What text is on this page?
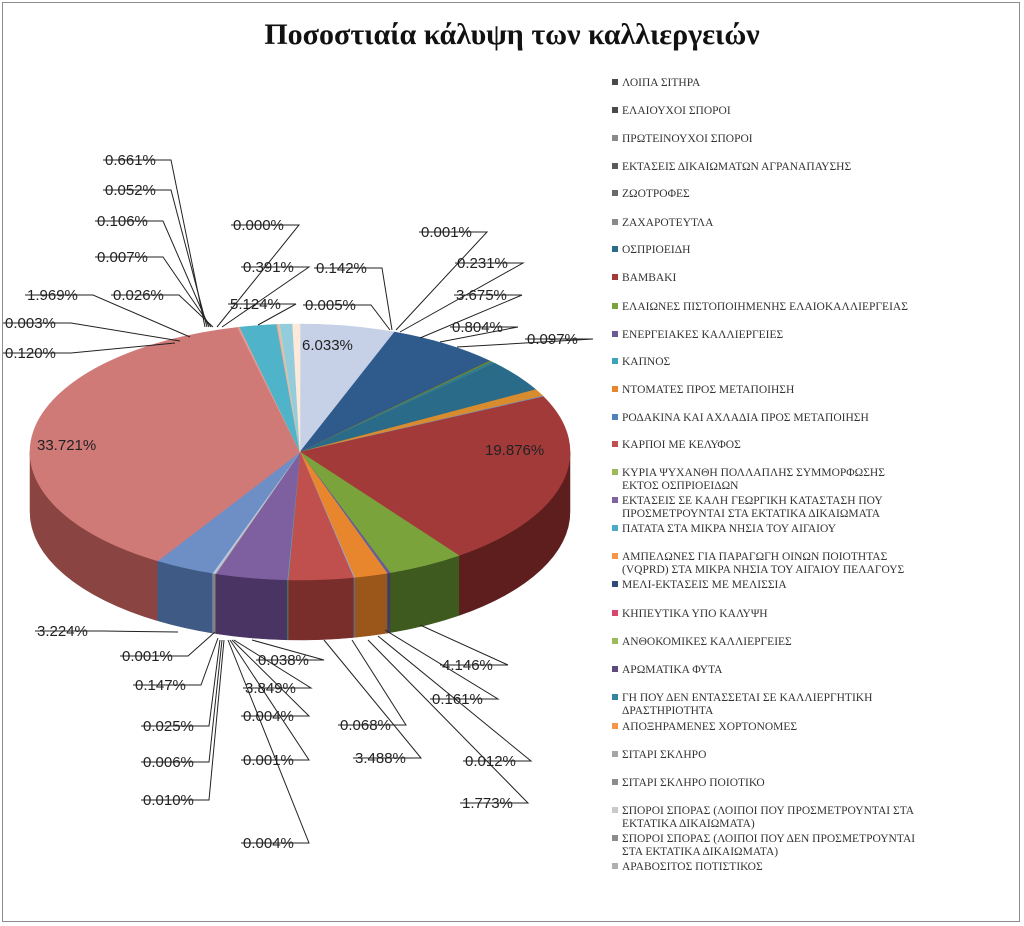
Ποσοστιαία κάλυψη των καλλιεργειών
0.661%
0.052%
0.106%
0.007%
0.026%
1.969%
0.003%
0.120%
0.000%
0.391%
5.124%
0.001%
0.142%	0.231%
0.005%
3.675%
0.804%
0.097%
6.033%
19.876%
33.721%
3.224%
0.001%
0.147%
0.025%
0.006%
0.010%
0.004%
0.038%
3.849%
0.004%
0.001%
0.068%
3.488%
4.146%
0.161%
0.012%
1.773%
ΛΟΙΠΑ ΣΙΤΗΡΑ
ΕΛΑΙΟΥΧΟΙ ΣΠΟΡΟΙ
ΠΡΩΤΕΙΝΟΥΧΟΙ ΣΠΟΡΟΙ
ΕΚΤΑΣΕΙΣ ΔΙΚΑΙΩΜΑΤΩΝ ΑΓΡΑΝΑΠΑΥΣΗΣ
ΖΩΟΤΡΟΦΕΣ
ΖΑΧΑΡΟΤΕΥΤΛΑ
ΟΣΠΡΙΟΕΙΔΗ
ΒΑΜΒΑΚΙ
ΕΛΑΙΩΝΕΣ ΠΙΣΤΟΠΟΙΗΜΕΝΗΣ ΕΛΑΙΟΚΑΛΛΙΕΡΓΕΙΑΣ
ΕΝΕΡΓΕΙΑΚΕΣ ΚΑΛΛΙΕΡΓΕΙΕΣ
ΚΑΠΝΟΣ
ΝΤΟΜΑΤΕΣ ΠΡΟΣ ΜΕΤΑΠΟΙΗΣΗ
ΡΟΔΑΚΙΝΑ ΚΑΙ ΑΧΛΑΔΙΑ ΠΡΟΣ ΜΕΤΑΠΟΙΗΣΗ
ΚΑΡΠΟΙ ΜΕ ΚΕΛΥΦΟΣ
ΚΥΡΙΑ ΨΥΧΑΝΘΗ ΠΟΛΛΑΠΛΗΣ ΣΥΜΜΟΡΦΩΣΗΣ
ΕΚΤΟΣ ΟΣΠΡΙΟΕΙΔΩΝ
ΕΚΤΑΣΕΙΣ ΣΕ ΚΑΛΗ ΓΕΩΡΓΙΚΗ ΚΑΤΑΣΤΑΣΗ ΠΟΥ
ΠΡΟΣΜΕΤΡΟΥΝΤΑΙ ΣΤΑ ΕΚΤΑΤΙΚΑ ΔΙΚΑΙΩΜΑΤΑ
ΠΑΤΑΤΑ ΣΤΑ ΜΙΚΡΑ ΝΗΣΙΑ ΤΟΥ ΑΙΓΑΙΟΥ
ΑΜΠΕΛΩΝΕΣ ΓΙΑ ΠΑΡΑΓΩΓΗ ΟΙΝΩΝ ΠΟΙΟΤΗΤΑΣ
(VQPRD) ΣΤΑ ΜΙΚΡΑ ΝΗΣΙΑ ΤΟΥ ΑΙΓΑΙΟΥ ΠΕΛΑΓΟΥΣ
ΜΕΛΙ-ΕΚΤΑΣΕΙΣ ΜΕ ΜΕΛΙΣΣΙΑ
ΚΗΠΕΥΤΙΚΑ ΥΠΟ ΚΑΛΥΨΗ
ΑΝΘΟΚΟΜΙΚΕΣ ΚΑΛΛΙΕΡΓΕΙΕΣ
ΑΡΩΜΑΤΙΚΑ ΦΥΤΑ
ΓΗ ΠΟΥ ΔΕΝ ΕΝΤΑΣΣΕΤΑΙ ΣΕ ΚΑΛΛΙΕΡΓΗΤΙΚΗ
ΔΡΑΣΤΗΡΙΟΤΗΤΑ
ΑΠΟΞΗΡΑΜΕΝΕΣ ΧΟΡΤΟΝΟΜΕΣ
ΣΙΤΑΡΙ ΣΚΛΗΡΟ
ΣΙΤΑΡΙ ΣΚΛΗΡΟ ΠΟΙΟΤΙΚΟ
ΣΠΟΡΟΙ ΣΠΟΡΑΣ (ΛΟΙΠΟΙ ΠΟΥ ΠΡΟΣΜΕΤΡΟΥΝΤΑΙ ΣΤΑ
ΕΚΤΑΤΙΚΑ ΔΙΚΑΙΩΜΑΤΑ)
ΣΠΟΡΟΙ ΣΠΟΡΑΣ (ΛΟΙΠΟΙ ΠΟΥ ΔΕΝ ΠΡΟΣΜΕΤΡΟΥΝΤΑΙ
ΣΤΑ ΕΚΤΑΤΙΚΑ ΔΙΚΑΙΩΜΑΤΑ)
ΑΡΑΒΟΣΙΤΟΣ ΠΟΤΙΣΤΙΚΟΣ
